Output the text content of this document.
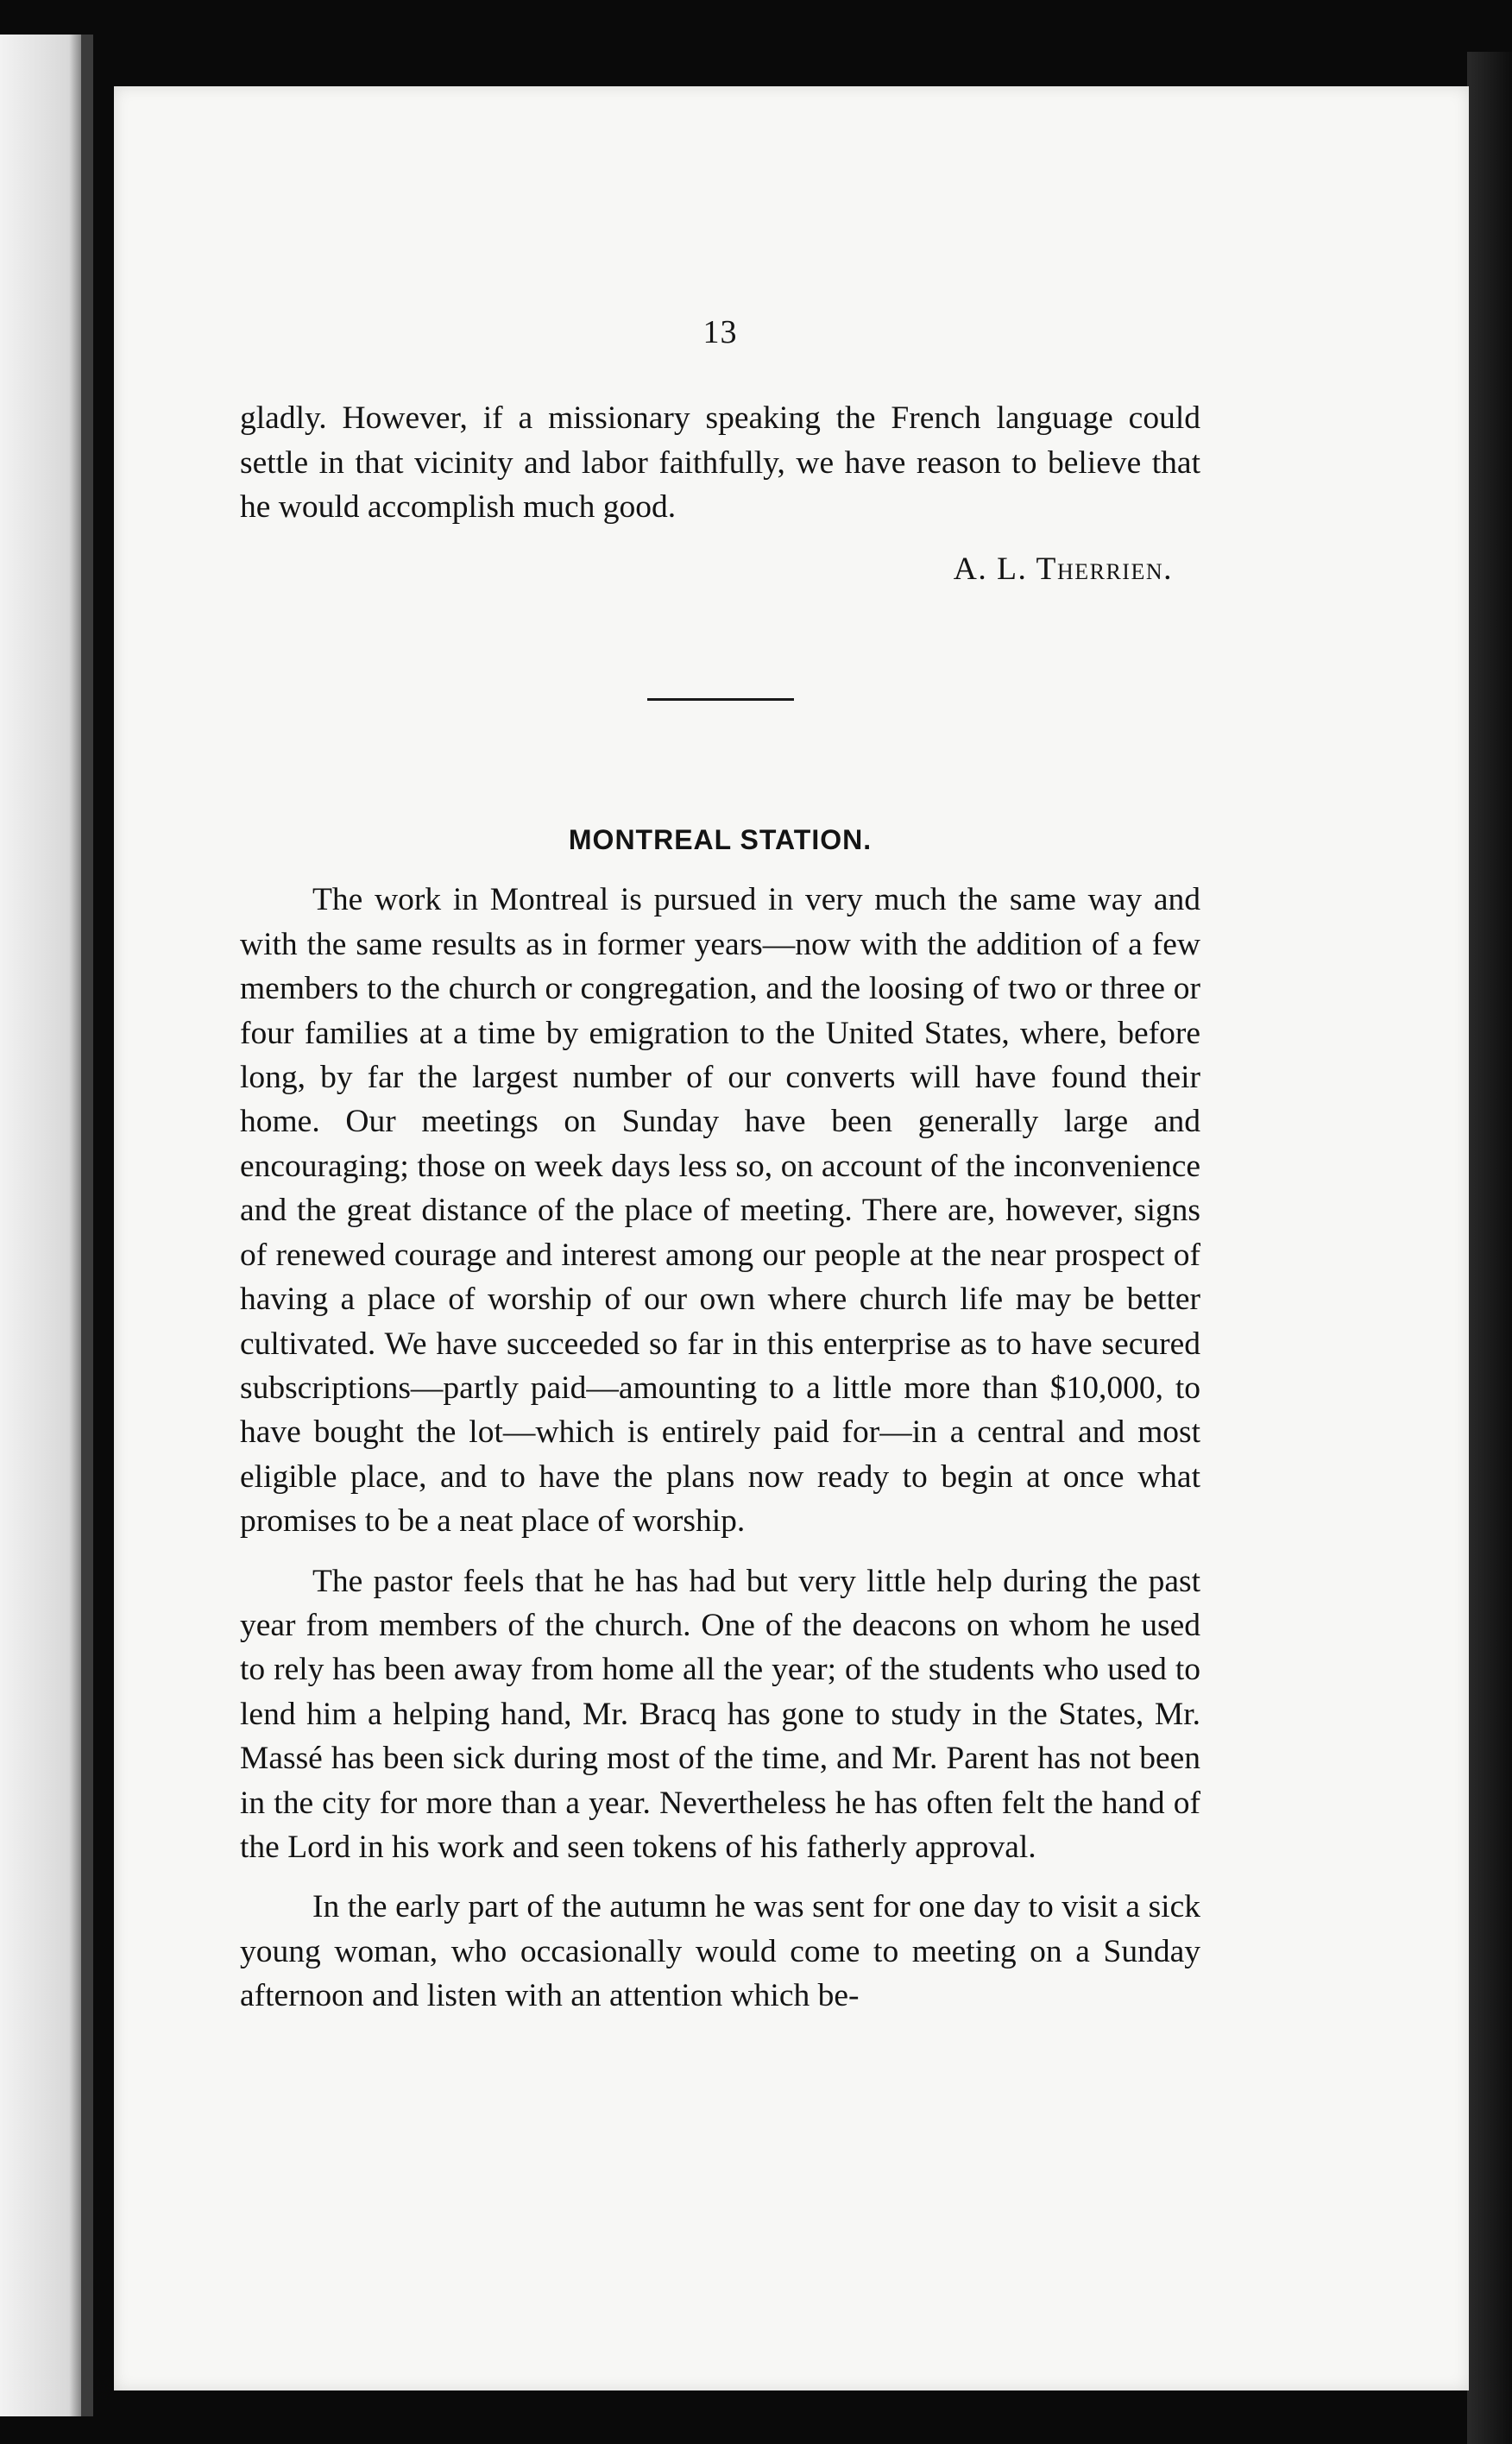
13

gladly. However, if a missionary speaking the French language could settle in that vicinity and labor faithfully, we have reason to believe that he would accomplish much good.

A. L. Therrien.
MONTREAL STATION.

The work in Montreal is pursued in very much the same way and with the same results as in former years—now with the addition of a few members to the church or congregation, and the loosing of two or three or four families at a time by emigration to the United States, where, before long, by far the largest number of our converts will have found their home. Our meetings on Sunday have been generally large and encouraging; those on week days less so, on account of the inconvenience and the great distance of the place of meeting. There are, however, signs of renewed courage and interest among our people at the near prospect of having a place of worship of our own where church life may be better cultivated. We have succeeded so far in this enterprise as to have secured subscriptions—partly paid—amounting to a little more than $10,000, to have bought the lot—which is entirely paid for—in a central and most eligible place, and to have the plans now ready to begin at once what promises to be a neat place of worship.

The pastor feels that he has had but very little help during the past year from members of the church. One of the deacons on whom he used to rely has been away from home all the year; of the students who used to lend him a helping hand, Mr. Bracq has gone to study in the States, Mr. Massé has been sick during most of the time, and Mr. Parent has not been in the city for more than a year. Nevertheless he has often felt the hand of the Lord in his work and seen tokens of his fatherly approval.

In the early part of the autumn he was sent for one day to visit a sick young woman, who occasionally would come to meeting on a Sunday afternoon and listen with an attention which be-
